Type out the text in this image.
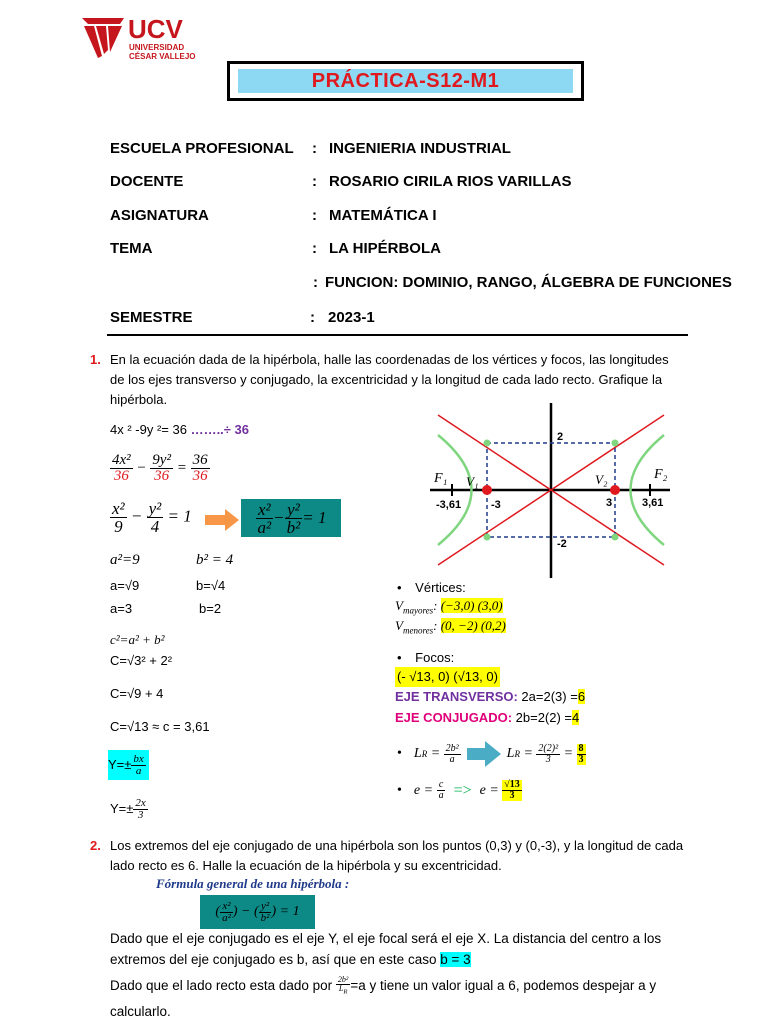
UCV
UNIVERSIDAD
CÉSAR VALLEJO
PRÁCTICA-S12-M1
ESCUELA PROFESIONAL : INGENIERIA INDUSTRIAL
DOCENTE	: ROSARIO CIRILA RIOS VARILLAS
ASIGNATURA	: MATEMÁTICA I
TEMA	: LA HIPÉRBOLA
: FUNCION: DOMINIO, RANGO, ÁLGEBRA DE FUNCIONES
SEMESTRE	: 2023-1
1. En la ecuación dada de la hipérbola, halle las coordenadas de los vértices y focos, las longitudes de los ejes transverso y conjugado, la excentricidad y la longitud de cada lado recto. Grafique la hipérbola.
4x ² -9y ²= 36 ……..÷ 36
$\frac{\text{4x²}}{36} - \frac{\text{9y²}}{36} = \frac{36}{36}$
$\frac{\text{x²}}{9} - \frac{\text{y²}}{4} = 1$	$\frac{\text{x²}}{\text{a²}} - \frac{\text{y²}}{\text{b²}} = 1$
a²=9	b² = 4
a=√9	b=√4
a=3	b=2
c²=a² + b²
C=√3² + 2²
C=√9 + 4
C=√13 ≈ c = 3,61
$Y=\pm \frac{bx}{a}$
$Y=\pm \frac{2x}{3}$
F₁	F₂
V₁	V₂
-3,61	-3	3	3,61
2
-2
• Vértices:
$V_{mayores}$: (−3,0) (3,0)
$V_{menores}$: (0, −2) (0,2)
• Focos:
(- √13, 0) (√13, 0)
EJE TRANSVERSO: 2a=2(3) =6
EJE CONJUGADO: 2b=2(2) =4
• L $R = \frac{\text{2b²}}{a}$	L $R = \frac{\text{2(2)²}}{3} = \frac{8}{3}$
• $e = \frac{c}{a} => e = \frac{√13}{3}$
2. Los extremos del eje conjugado de una hipérbola son los puntos (0,3) y (0,-3), y la longitud de cada lado recto es 6. Halle la ecuación de la hipérbola y su excentricidad.
Fórmula general de una hipérbola :
( $\frac{\text{x²}}{\text{a²}}$ ) − ( $\frac{\text{y²}}{\text{b²}}$ ) = 1
Dado que el eje conjugado es el eje Y, el eje focal será el eje X. La distancia del centro a los extremos del eje conjugado es b, así que en este caso b = 3
Dado que el lado recto esta dado por $\frac{\text{2b²}}{L_R} =a$ y tiene un valor igual a 6, podemos despejar a y calcularlo.
